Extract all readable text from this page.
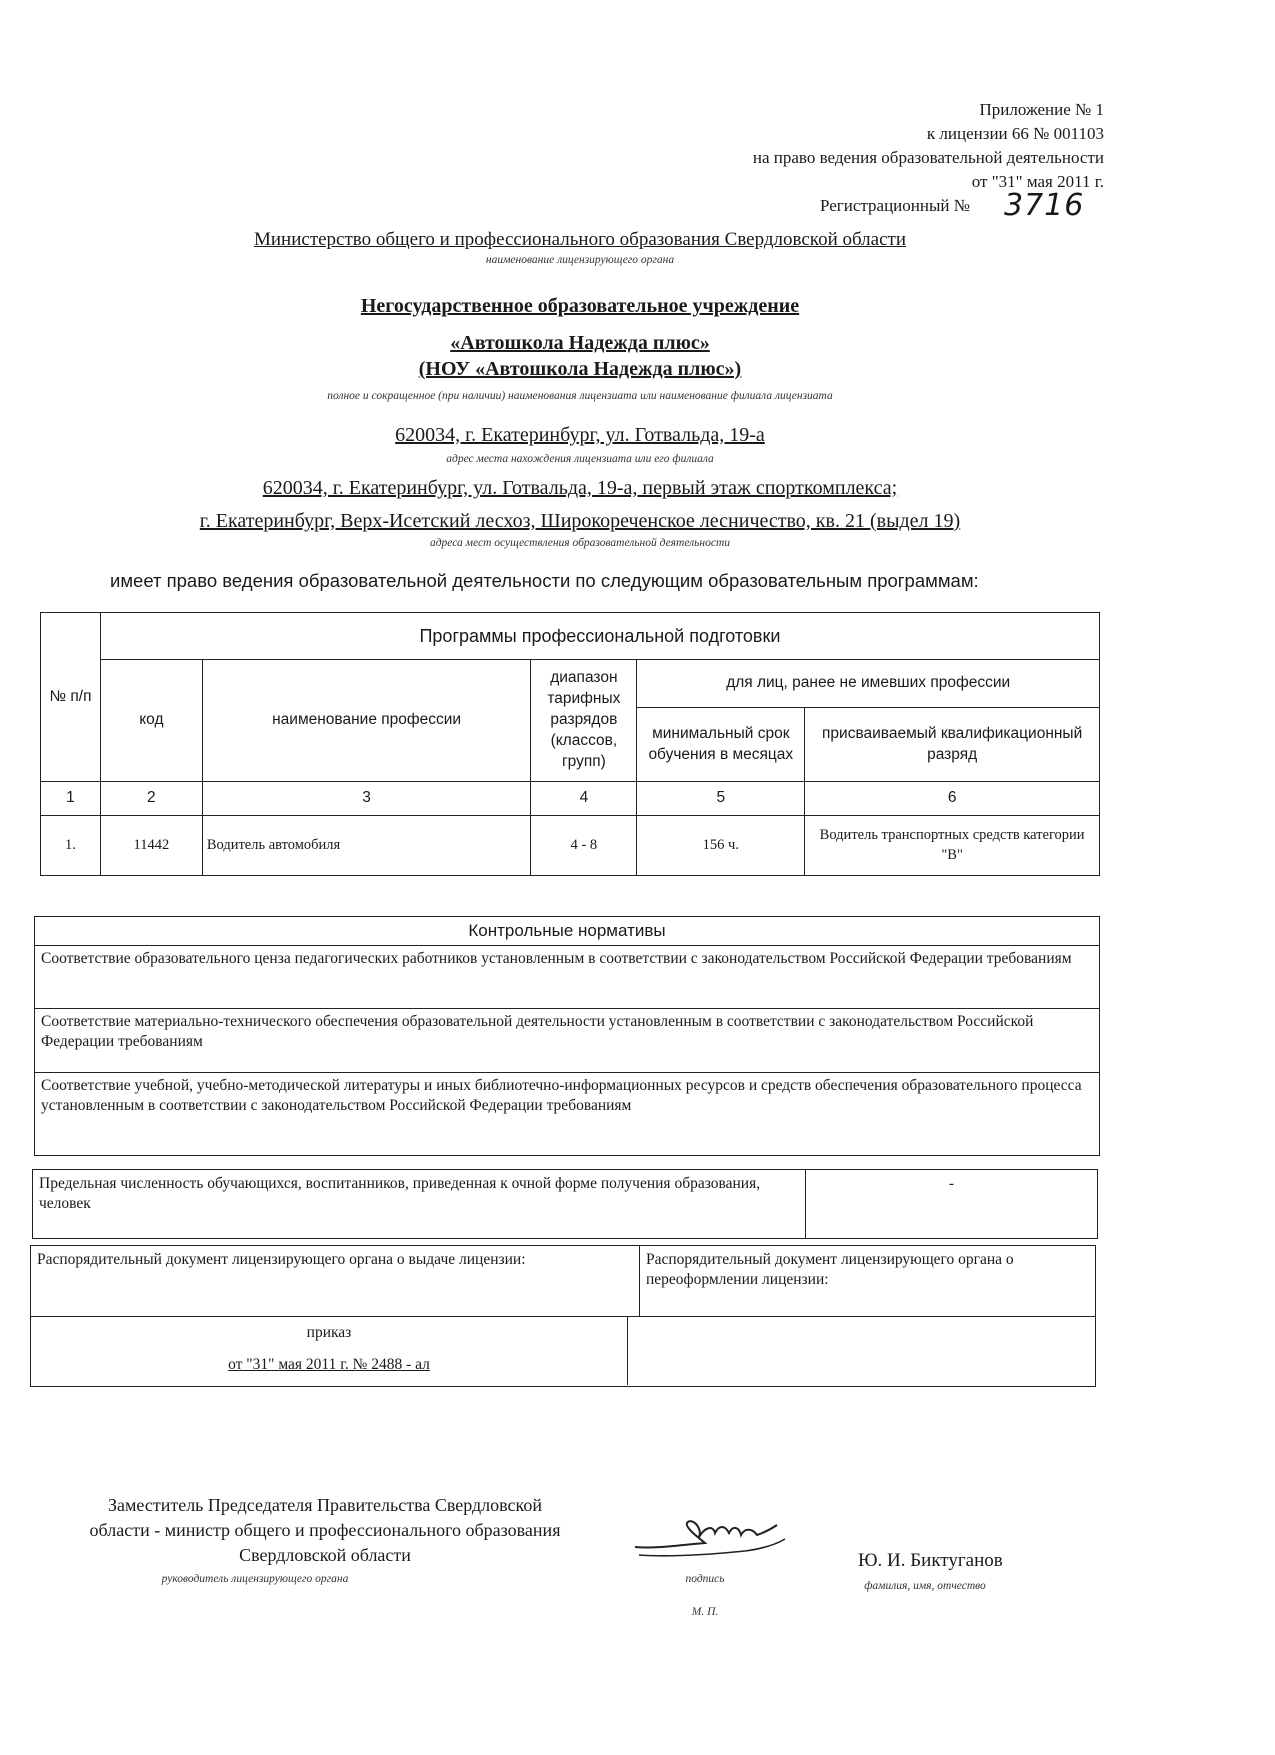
Приложение № 1
к лицензии 66 № 001103
на право ведения образовательной деятельности
от "31" мая 2011 г.
Регистрационный № 3716
Министерство общего и профессионального образования Свердловской области
наименование лицензирующего органа
Негосударственное образовательное учреждение
«Автошкола Надежда плюс»
(НОУ «Автошкола Надежда плюс»)
полное и сокращенное (при наличии) наименования лицензиата или наименование филиала лицензиата
620034, г. Екатеринбург, ул. Готвальда, 19-а
адрес места нахождения лицензиата или его филиала
620034, г. Екатеринбург, ул. Готвальда, 19-а, первый этаж спорткомплекса;
г. Екатеринбург, Верх-Исетский лесхоз, Широкореченское лесничество, кв. 21 (выдел 19)
адреса мест осуществления образовательной деятельности
имеет право ведения образовательной деятельности по следующим образовательным программам:
№ п/п	Программы профессиональной подготовки				
	код	наименование профессии	диапазон тарифных разрядов (классов, групп)	для лиц, ранее не имевших профессии	
				минимальный срок обучения в месяцах	присваиваемый квалификационный разряд

1	2	3	4	5	6
1.	11442	Водитель автомобиля	4 - 8	156 ч.	Водитель транспортных средств категории "B"
Контрольные нормативы
Соответствие образовательного ценза педагогических работников установленным в соответствии с законодательством Российской Федерации требованиям
Соответствие материально-технического обеспечения образовательной деятельности установленным в соответствии с законодательством Российской Федерации требованиям
Соответствие учебной, учебно-методической литературы и иных библиотечно-информационных ресурсов и средств обеспечения образовательного процесса установленным в соответствии с законодательством Российской Федерации требованиям
Предельная численность обучающихся, воспитанников, приведенная к очной форме получения образования, человек
-
Распорядительный документ лицензирующего органа о выдаче лицензии:	Распорядительный документ лицензирующего органа о переоформлении лицензии:
приказ
от "31" мая 2011 г. № 2488 - ал
Заместитель Председателя Правительства Свердловской
области - министр общего и профессионального образования
Свердловской области
руководитель лицензирующего органа	подпись
М. П.
Ю. И. Биктуганов
фамилия, имя, отчество
